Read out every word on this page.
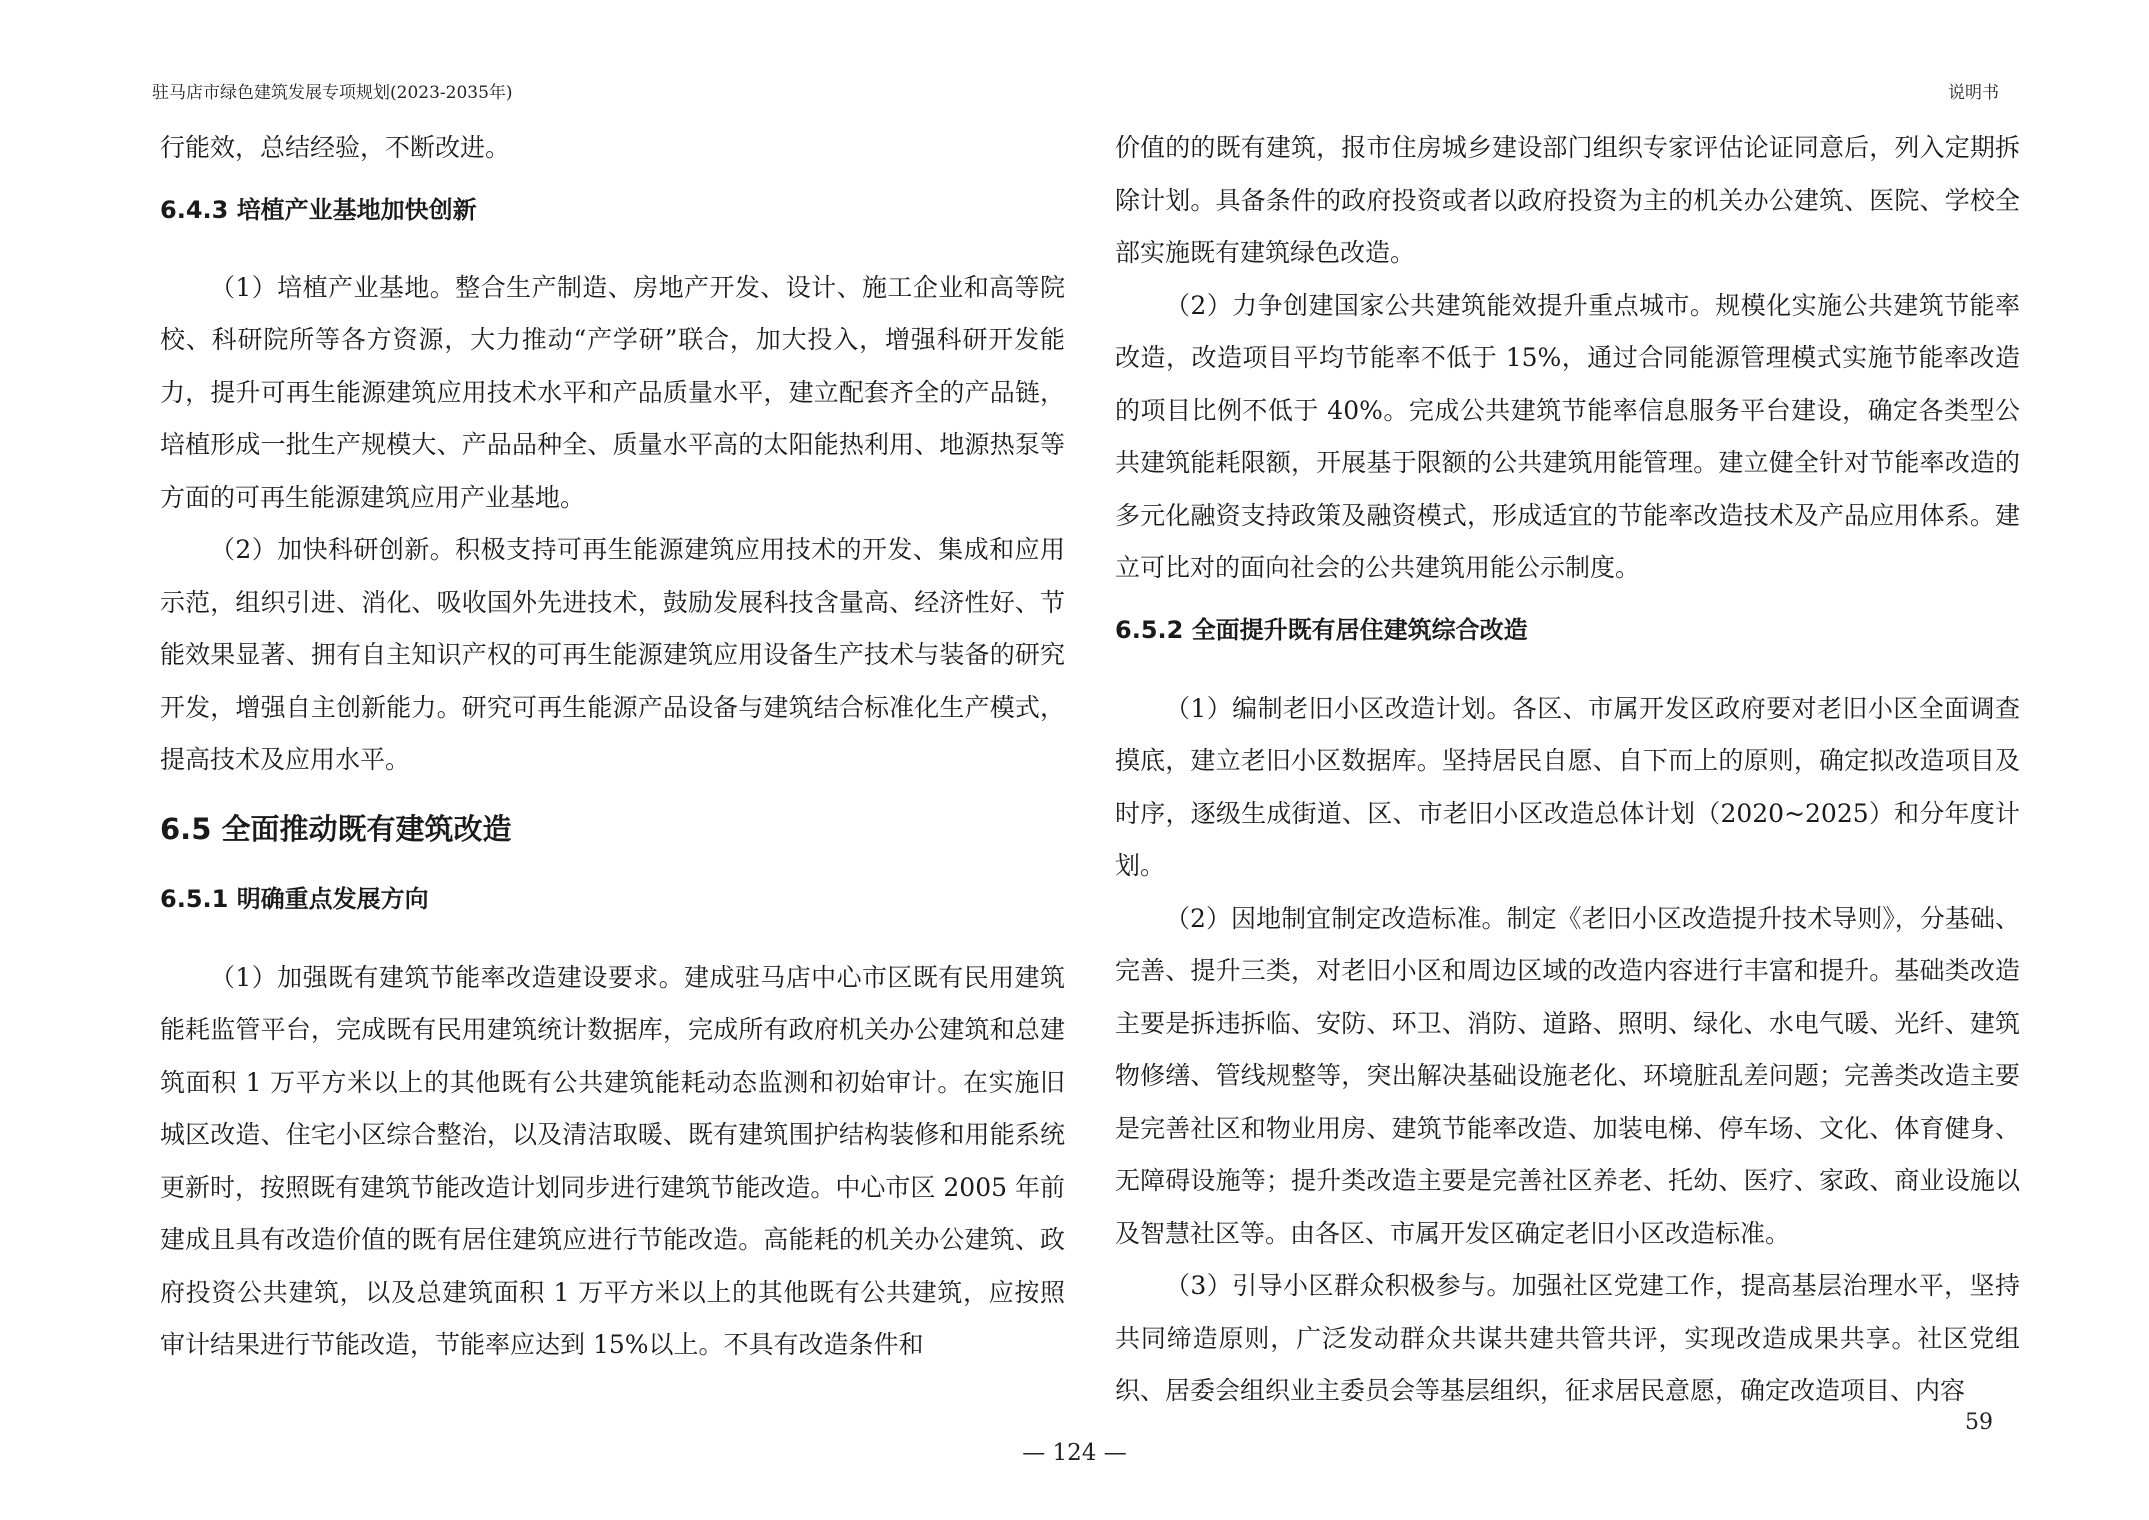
驻马店市绿色建筑发展专项规划(2023-2035年)	说明书

行能效，总结经验，不断改进。

6.4.3 培植产业基地加快创新

（1）培植产业基地。整合生产制造、房地产开发、设计、施工企业和高等院校、科研院所等各方资源，大力推动“产学研”联合，加大投入，增强科研开发能力，提升可再生能源建筑应用技术水平和产品质量水平，建立配套齐全的产品链，培植形成一批生产规模大、产品品种全、质量水平高的太阳能热利用、地源热泵等方面的可再生能源建筑应用产业基地。

（2）加快科研创新。积极支持可再生能源建筑应用技术的开发、集成和应用示范，组织引进、消化、吸收国外先进技术，鼓励发展科技含量高、经济性好、节能效果显著、拥有自主知识产权的可再生能源建筑应用设备生产技术与装备的研究开发，增强自主创新能力。研究可再生能源产品设备与建筑结合标准化生产模式，提高技术及应用水平。

6.5 全面推动既有建筑改造

6.5.1 明确重点发展方向

（1）加强既有建筑节能率改造建设要求。建成驻马店中心市区既有民用建筑能耗监管平台，完成既有民用建筑统计数据库，完成所有政府机关办公建筑和总建筑面积 1 万平方米以上的其他既有公共建筑能耗动态监测和初始审计。在实施旧城区改造、住宅小区综合整治，以及清洁取暖、既有建筑围护结构装修和用能系统更新时，按照既有建筑节能改造计划同步进行建筑节能改造。中心市区 2005 年前建成且具有改造价值的既有居住建筑应进行节能改造。高能耗的机关办公建筑、政府投资公共建筑，以及总建筑面积 1 万平方米以上的其他既有公共建筑，应按照审计结果进行节能改造，节能率应达到 15%以上。不具有改造条件和

价值的的既有建筑，报市住房城乡建设部门组织专家评估论证同意后，列入定期拆除计划。具备条件的政府投资或者以政府投资为主的机关办公建筑、医院、学校全部实施既有建筑绿色改造。

（2）力争创建国家公共建筑能效提升重点城市。规模化实施公共建筑节能率改造，改造项目平均节能率不低于 15%，通过合同能源管理模式实施节能率改造的项目比例不低于 40%。完成公共建筑节能率信息服务平台建设，确定各类型公共建筑能耗限额，开展基于限额的公共建筑用能管理。建立健全针对节能率改造的多元化融资支持政策及融资模式，形成适宜的节能率改造技术及产品应用体系。建立可比对的面向社会的公共建筑用能公示制度。

6.5.2 全面提升既有居住建筑综合改造

（1）编制老旧小区改造计划。各区、市属开发区政府要对老旧小区全面调查摸底，建立老旧小区数据库。坚持居民自愿、自下而上的原则，确定拟改造项目及时序，逐级生成街道、区、市老旧小区改造总体计划（2020~2025）和分年度计划。

（2）因地制宜制定改造标准。制定《老旧小区改造提升技术导则》，分基础、完善、提升三类，对老旧小区和周边区域的改造内容进行丰富和提升。基础类改造主要是拆违拆临、安防、环卫、消防、道路、照明、绿化、水电气暖、光纤、建筑物修缮、管线规整等，突出解决基础设施老化、环境脏乱差问题；完善类改造主要是完善社区和物业用房、建筑节能率改造、加装电梯、停车场、文化、体育健身、无障碍设施等；提升类改造主要是完善社区养老、托幼、医疗、家政、商业设施以及智慧社区等。由各区、市属开发区确定老旧小区改造标准。

（3）引导小区群众积极参与。加强社区党建工作，提高基层治理水平，坚持共同缔造原则，广泛发动群众共谋共建共管共评，实现改造成果共享。社区党组织、居委会组织业主委员会等基层组织，征求居民意愿，确定改造项目、内容

59
— 124 —
